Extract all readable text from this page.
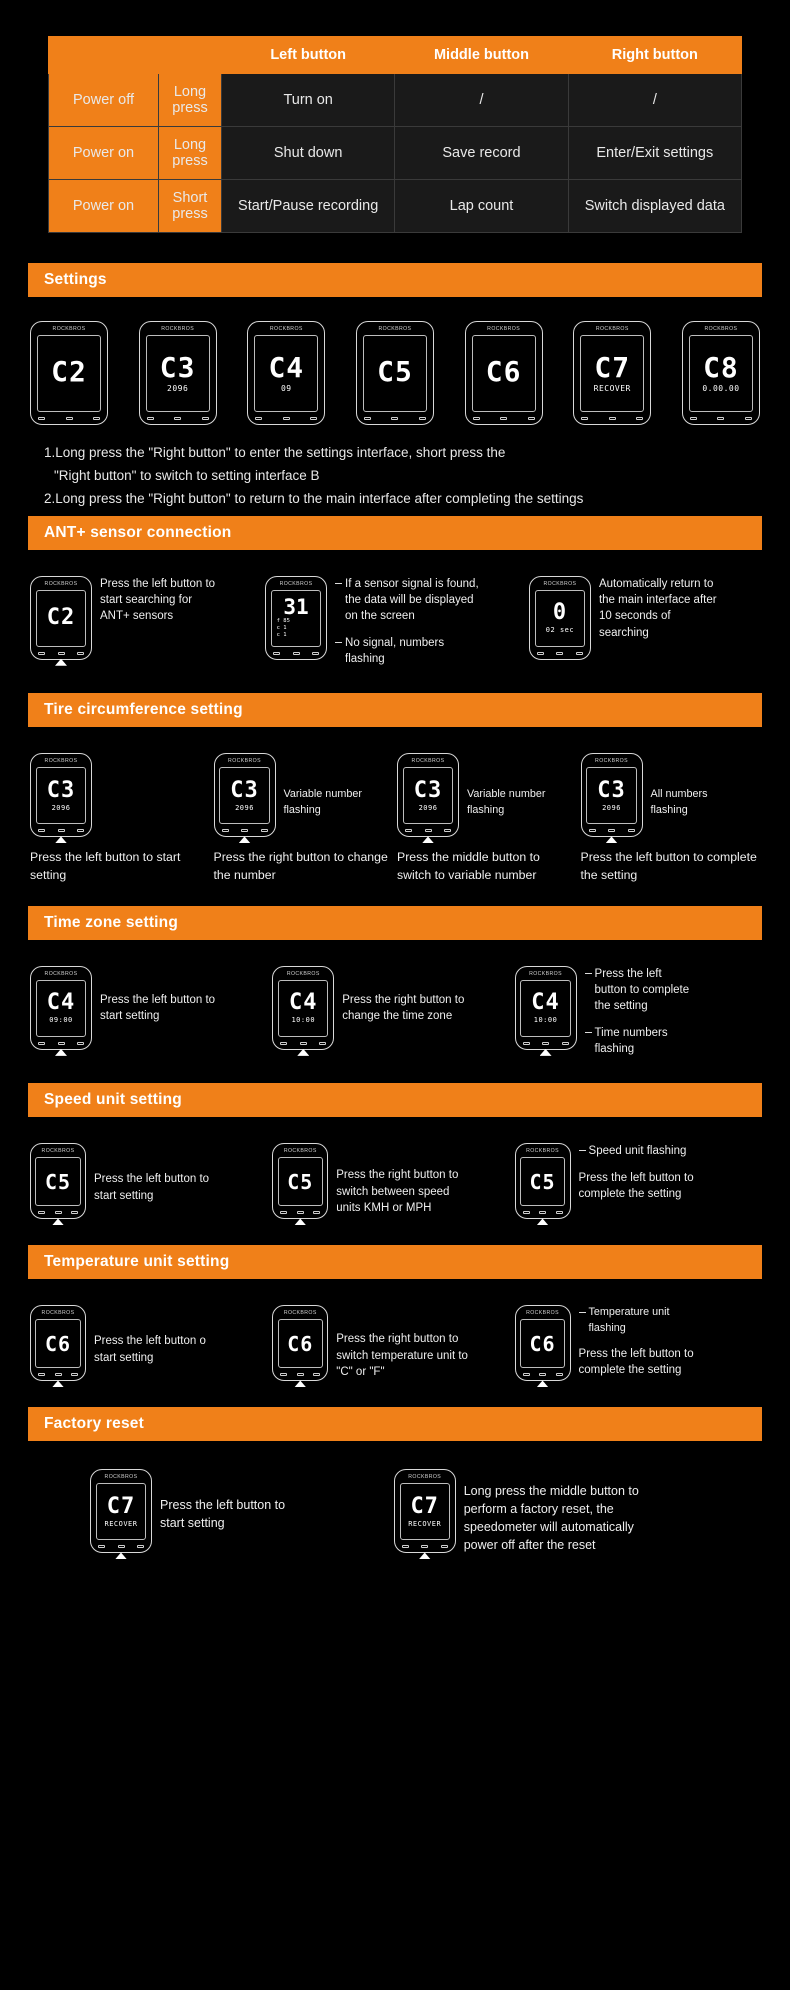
		Left button	Middle button	Right button
Power off	Long press	Turn on	/	/
Power on	Long press	Shut down	Save record	Enter/Exit settings
Power on	Short press	Start/Pause recording	Lap count	Switch displayed data
Settings
ROCKBROS
C2
ROCKBROS
C3
2096
ROCKBROS
C4
09
ROCKBROS
C5
ROCKBROS
C6
ROCKBROS
C7
RECOVER
ROCKBROS
C8
0.00.00
1.Long press the "Right button" to enter the settings interface, short press the
"Right button" to switch to setting interface B
2.Long press the "Right button" to return to the main interface after completing the settings
ANT+ sensor connection
ROCKBROS
C2
Press the left button to start searching for ANT+ sensors
ROCKBROS
31
f 85
c 1
c 1
If a sensor signal is found, the data will be displayed on the screen
No signal, numbers flashing
ROCKBROS
0
02 sec
Automatically return to the main interface after 10 seconds of searching
Tire circumference setting
ROCKBROS
C3
2096
ROCKBROS
C3
2096
Variable number flashing
ROCKBROS
C3
2096
Variable number flashing
ROCKBROS
C3
2096
All numbers flashing
Press the left button to start setting
Press the right button to change the number
Press the middle button to switch to variable number
Press the left button to complete the setting
Time zone setting
ROCKBROS
C4
09:00
Press the left button to start setting
ROCKBROS
C4
10:00
Press the right button to change the time zone
ROCKBROS
C4
10:00
Press the left button to complete the setting
Time numbers flashing
Speed unit setting
ROCKBROS
C5 Press the left button to start setting
ROCKBROS
C5 Press the right button to switch between speed units KMH or MPH
ROCKBROS
C5
Speed unit flashing
Press the left button to complete the setting
Temperature unit setting
ROCKBROS
C6 Press the left button o start setting
ROCKBROS
C6 Press the right button to switch temperature unit to "C" or "F"
ROCKBROS
C6
Temperature unit flashing
Press the left button to complete the setting
Factory reset
ROCKBROS
C7
RECOVER
Press the left button to start setting
ROCKBROS
C7
RECOVER
Long press the middle button to perform a factory reset, the speedometer will automatically power off after the reset
